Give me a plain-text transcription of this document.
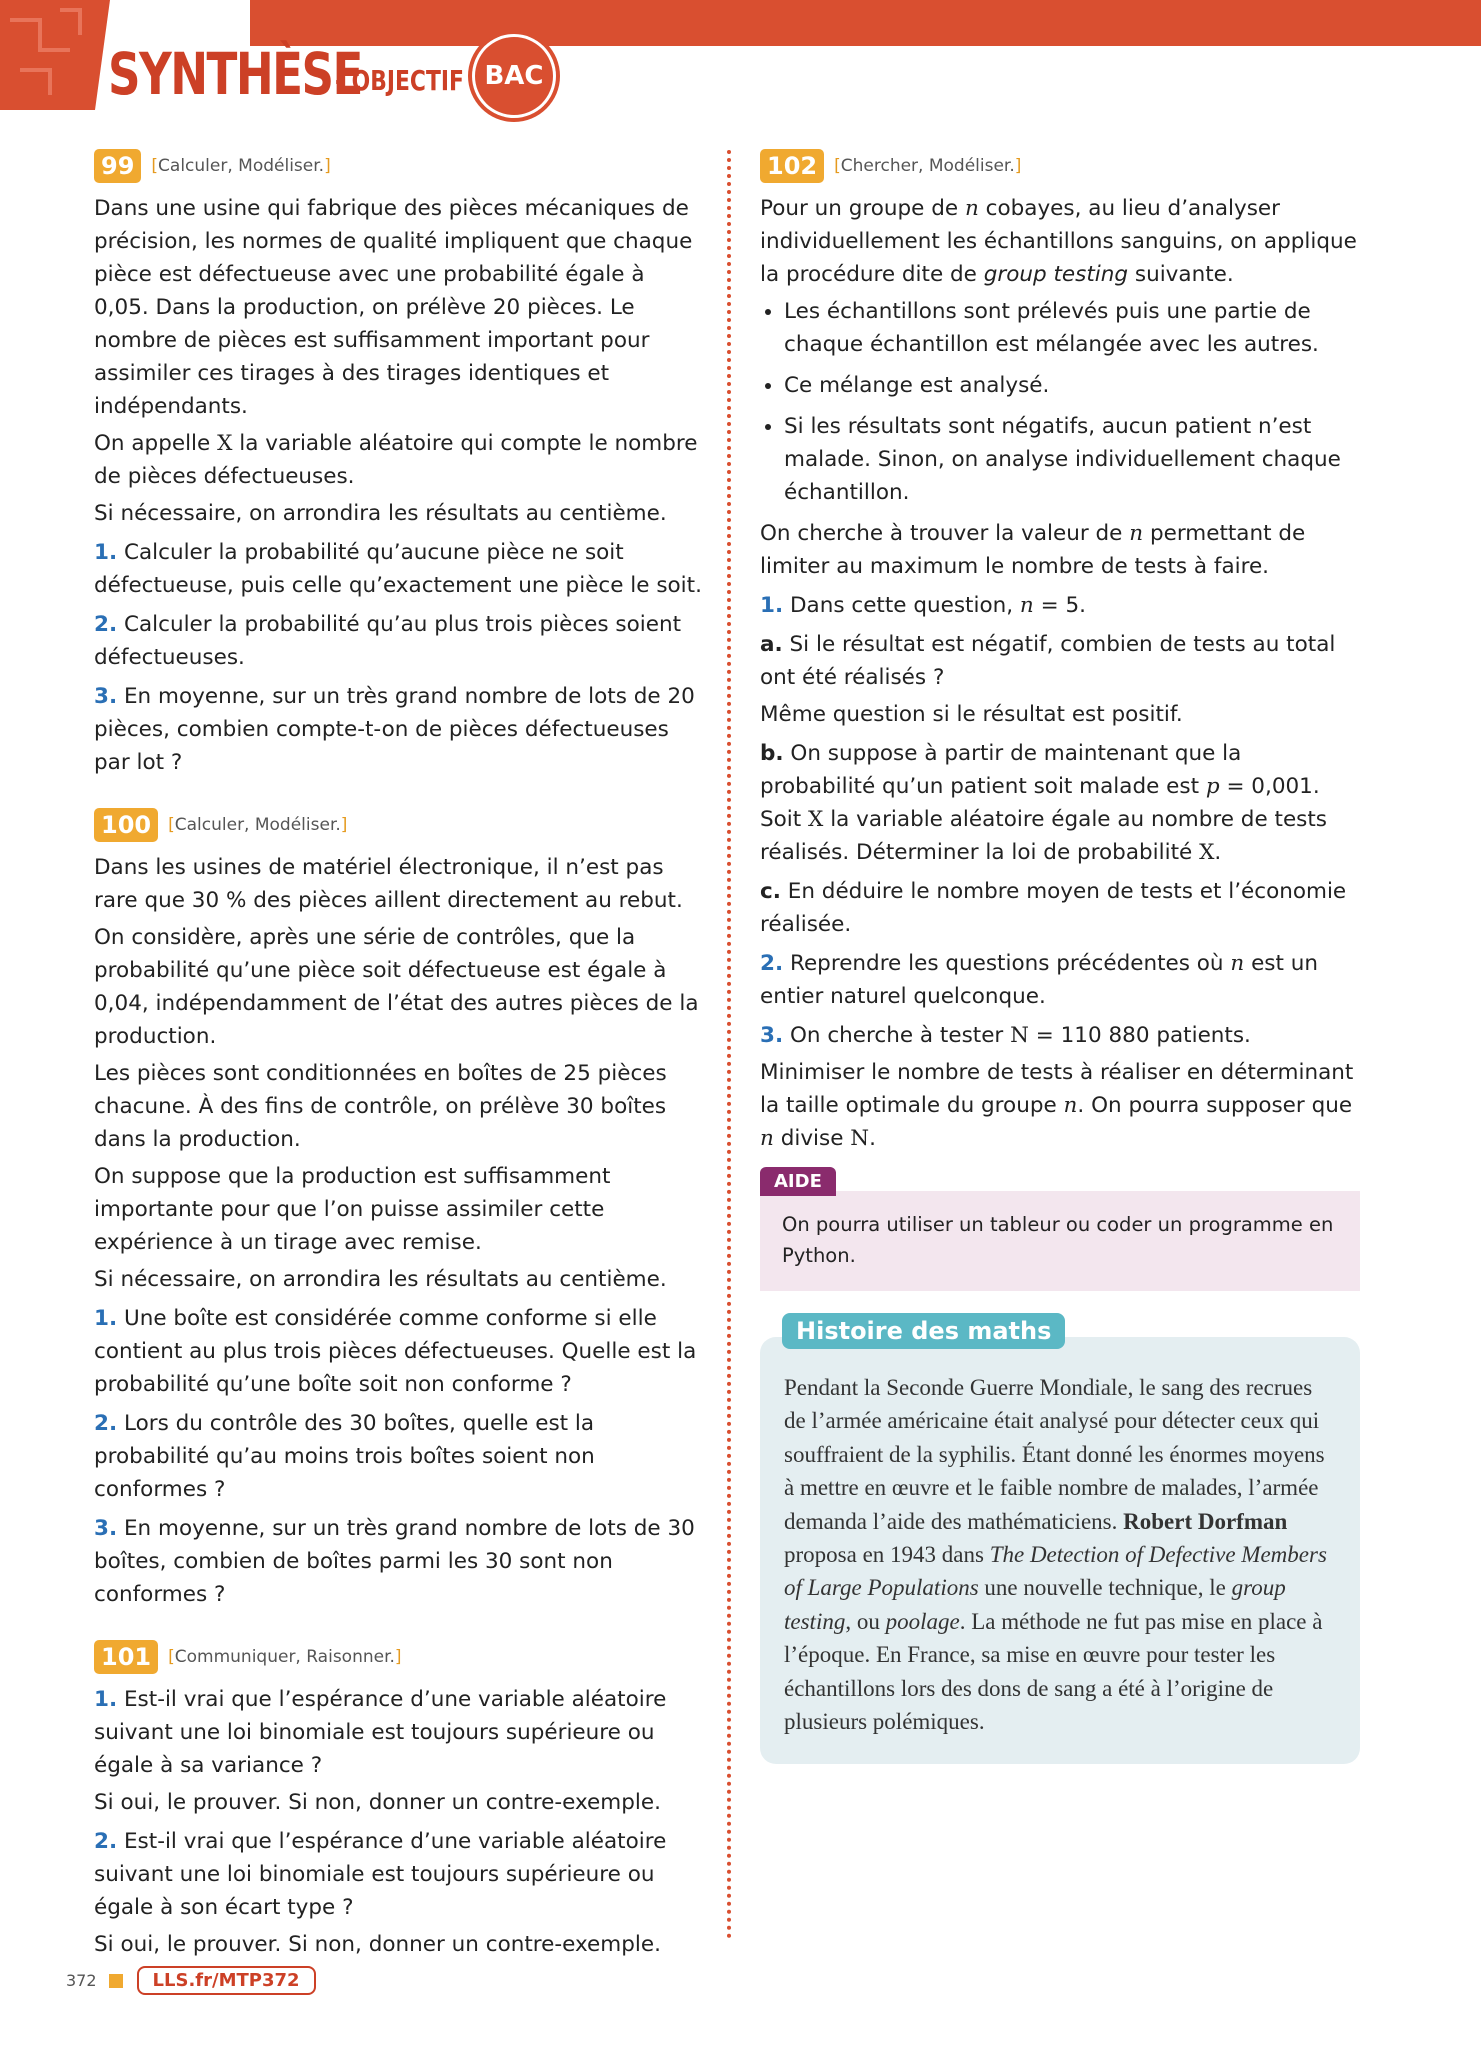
SYNTHÈSE
- OBJECTIF BAC
99	[Calculer, Modéliser.]

Dans une usine qui fabrique des pièces mécaniques de précision, les normes de qualité impliquent que chaque pièce est défectueuse avec une probabilité égale à 0,05. Dans la production, on prélève 20 pièces. Le nombre de pièces est suffisamment important pour assimiler ces tirages à des tirages identiques et indépendants.

On appelle X la variable aléatoire qui compte le nombre de pièces défectueuses.

Si nécessaire, on arrondira les résultats au centième.

1. Calculer la probabilité qu’aucune pièce ne soit défectueuse, puis celle qu’exactement une pièce le soit.

2. Calculer la probabilité qu’au plus trois pièces soient défectueuses.

3. En moyenne, sur un très grand nombre de lots de 20 pièces, combien compte-t-on de pièces défectueuses par lot ?

100	[Calculer, Modéliser.]

Dans les usines de matériel électronique, il n’est pas rare que 30 % des pièces aillent directement au rebut.

On considère, après une série de contrôles, que la probabilité qu’une pièce soit défectueuse est égale à 0,04, indépendamment de l’état des autres pièces de la production.

Les pièces sont conditionnées en boîtes de 25 pièces chacune. À des fins de contrôle, on prélève 30 boîtes dans la production.

On suppose que la production est suffisamment importante pour que l’on puisse assimiler cette expérience à un tirage avec remise.

Si nécessaire, on arrondira les résultats au centième.

1. Une boîte est considérée comme conforme si elle contient au plus trois pièces défectueuses. Quelle est la probabilité qu’une boîte soit non conforme ?

2. Lors du contrôle des 30 boîtes, quelle est la probabilité qu’au moins trois boîtes soient non conformes ?

3. En moyenne, sur un très grand nombre de lots de 30 boîtes, combien de boîtes parmi les 30 sont non conformes ?

101	[Communiquer, Raisonner.]

1. Est-il vrai que l’espérance d’une variable aléatoire suivant une loi binomiale est toujours supérieure ou égale à sa variance ?

Si oui, le prouver. Si non, donner un contre-exemple.

2. Est-il vrai que l’espérance d’une variable aléatoire suivant une loi binomiale est toujours supérieure ou égale à son écart type ?

Si oui, le prouver. Si non, donner un contre-exemple.

102	[Chercher, Modéliser.]

Pour un groupe de n cobayes, au lieu d’analyser individuellement les échantillons sanguins, on applique la procédure dite de group testing suivante.

• Les échantillons sont prélevés puis une partie de chaque échantillon est mélangée avec les autres.
• Ce mélange est analysé.
• Si les résultats sont négatifs, aucun patient n’est malade. Sinon, on analyse individuellement chaque échantillon.

On cherche à trouver la valeur de n permettant de limiter au maximum le nombre de tests à faire.

1. Dans cette question, n = 5.

a. Si le résultat est négatif, combien de tests au total ont été réalisés ?

Même question si le résultat est positif.

b. On suppose à partir de maintenant que la probabilité qu’un patient soit malade est p = 0,001. Soit X la variable aléatoire égale au nombre de tests réalisés. Déterminer la loi de probabilité X.

c. En déduire le nombre moyen de tests et l’économie réalisée.

2. Reprendre les questions précédentes où n est un entier naturel quelconque.

3. On cherche à tester N = 110 880 patients.

Minimiser le nombre de tests à réaliser en déterminant la taille optimale du groupe n. On pourra supposer que n divise N.

AIDE

On pourra utiliser un tableur ou coder un programme en Python.

Histoire des maths

Pendant la Seconde Guerre Mondiale, le sang des recrues de l’armée américaine était analysé pour détecter ceux qui souffraient de la syphilis. Étant donné les énormes moyens à mettre en œuvre et le faible nombre de malades, l’armée demanda l’aide des mathématiciens. Robert Dorfman proposa en 1943 dans The Detection of Defective Members of Large Populations une nouvelle technique, le group testing, ou poolage. La méthode ne fut pas mise en place à l’époque. En France, sa mise en œuvre pour tester les échantillons lors des dons de sang a été à l’origine de plusieurs polémiques.

372	LLS.fr/MTP372
